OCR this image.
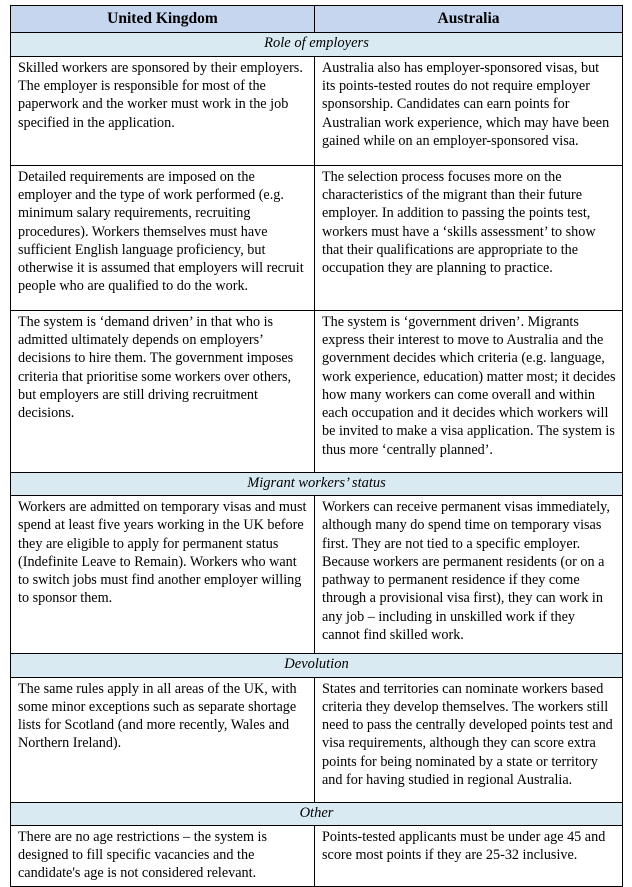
United Kingdom	Australia
Role of employers	
Skilled workers are sponsored by their employers. The employer is responsible for most of the paperwork and the worker must work in the job specified in the application.	Australia also has employer-sponsored visas, but its points-tested routes do not require employer sponsorship. Candidates can earn points for Australian work experience, which may have been gained while on an employer-sponsored visa.
Detailed requirements are imposed on the employer and the type of work performed (e.g. minimum salary requirements, recruiting procedures). Workers themselves must have sufficient English language proficiency, but otherwise it is assumed that employers will recruit people who are qualified to do the work.	The selection process focuses more on the characteristics of the migrant than their future employer. In addition to passing the points test, workers must have a ‘skills assessment’ to show that their qualifications are appropriate to the occupation they are planning to practice.
The system is ‘demand driven’ in that who is admitted ultimately depends on employers’ decisions to hire them. The government imposes criteria that prioritise some workers over others, but employers are still driving recruitment decisions.	The system is ‘government driven’. Migrants express their interest to move to Australia and the government decides which criteria (e.g. language, work experience, education) matter most; it decides how many workers can come overall and within each occupation and it decides which workers will be invited to make a visa application. The system is thus more ‘centrally planned’.
Migrant workers’ status	
Workers are admitted on temporary visas and must spend at least five years working in the UK before they are eligible to apply for permanent status (Indefinite Leave to Remain). Workers who want to switch jobs must find another employer willing to sponsor them.	Workers can receive permanent visas immediately, although many do spend time on temporary visas first. They are not tied to a specific employer. Because workers are permanent residents (or on a pathway to permanent residence if they come through a provisional visa first), they can work in any job – including in unskilled work if they cannot find skilled work.
Devolution	
The same rules apply in all areas of the UK, with some minor exceptions such as separate shortage lists for Scotland (and more recently, Wales and Northern Ireland).	States and territories can nominate workers based criteria they develop themselves. The workers still need to pass the centrally developed points test and visa requirements, although they can score extra points for being nominated by a state or territory and for having studied in regional Australia.
Other	
There are no age restrictions – the system is designed to fill specific vacancies and the candidate's age is not considered relevant.	Points-tested applicants must be under age 45 and score most points if they are 25-32 inclusive.
